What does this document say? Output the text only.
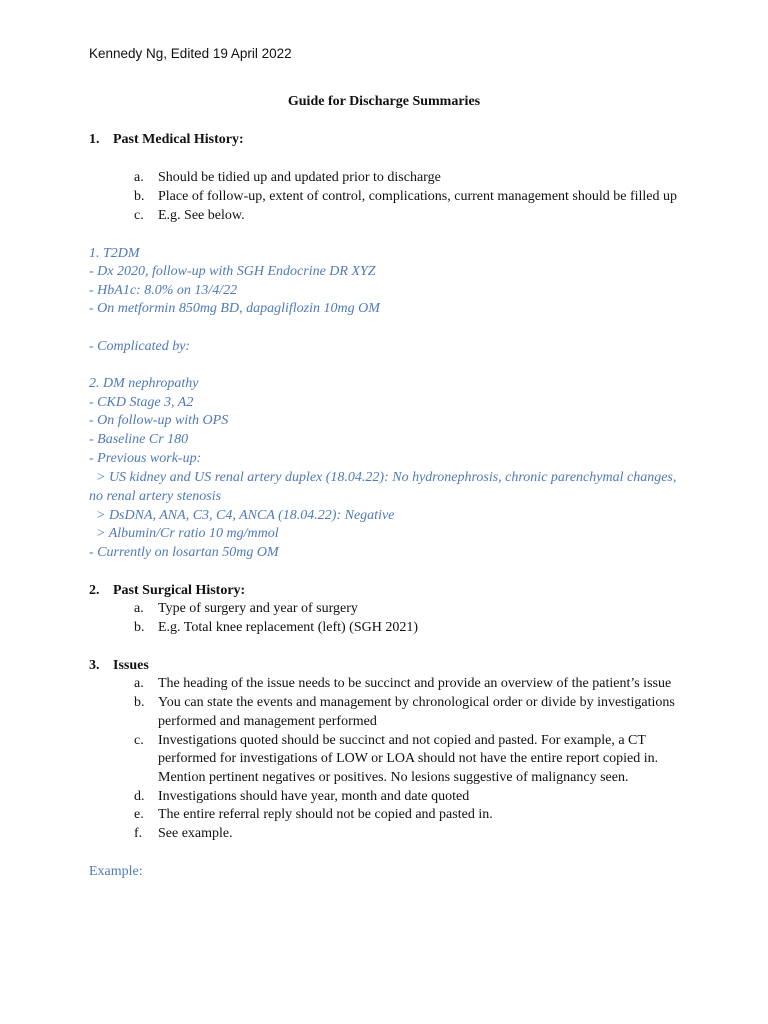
Kennedy Ng, Edited 19 April 2022
Guide for Discharge Summaries
1. Past Medical History:
a. Should be tidied up and updated prior to discharge
b. Place of follow-up, extent of control, complications, current management should be filled up
c. E.g. See below.
1. T2DM
- Dx 2020, follow-up with SGH Endocrine DR XYZ
- HbA1c: 8.0% on 13/4/22
- On metformin 850mg BD, dapagliflozin 10mg OM
- Complicated by:
2. DM nephropathy
- CKD Stage 3, A2
- On follow-up with OPS
- Baseline Cr 180
- Previous work-up:
> US kidney and US renal artery duplex (18.04.22): No hydronephrosis, chronic parenchymal changes,
no renal artery stenosis
> DsDNA, ANA, C3, C4, ANCA (18.04.22): Negative
> Albumin/Cr ratio 10 mg/mmol
- Currently on losartan 50mg OM
2. Past Surgical History:
a. Type of surgery and year of surgery
b. E.g. Total knee replacement (left) (SGH 2021)
3. Issues
a. The heading of the issue needs to be succinct and provide an overview of the patient’s issue
b. You can state the events and management by chronological order or divide by investigations
performed and management performed
c. Investigations quoted should be succinct and not copied and pasted. For example, a CT
performed for investigations of LOW or LOA should not have the entire report copied in.
Mention pertinent negatives or positives. No lesions suggestive of malignancy seen.
d. Investigations should have year, month and date quoted
e. The entire referral reply should not be copied and pasted in.
f. See example.
Example:
